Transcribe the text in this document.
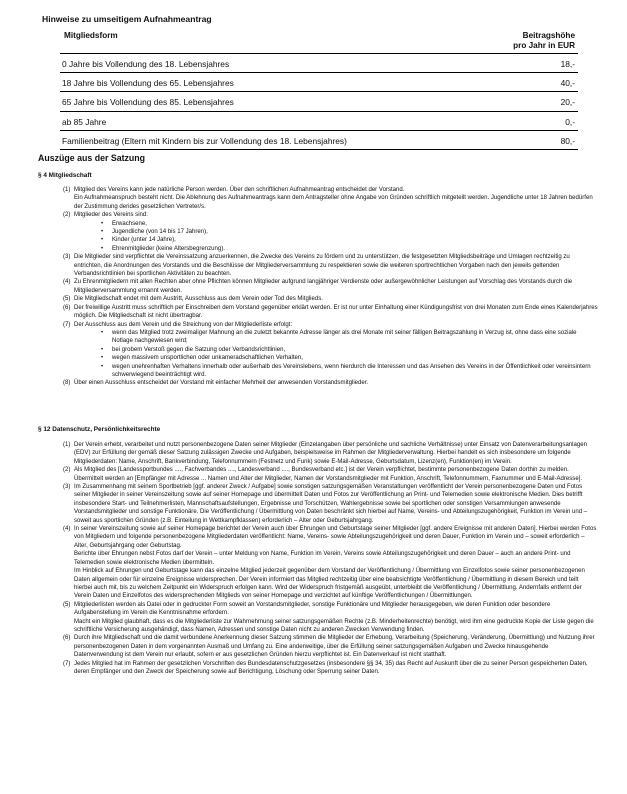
Hinweise zu umseitigem Aufnahmeantrag
Mitgliedsform	Beitragshöhe
pro Jahr in EUR
0 Jahre bis Vollendung des 18. Lebensjahres	18,-
18 Jahre bis Vollendung des 65. Lebensjahres	40,-
65 Jahre bis Vollendung des 85. Lebensjahres	20,-
ab 85 Jahre	0,-
Familienbeitrag (Eltern mit Kindern bis zur Vollendung des 18. Lebensjahres)	80,-
Auszüge aus der Satzung
§ 4 Mitgliedschaft
(1) Mitglied des Vereins kann jede natürliche Person werden. Über den schriftlichen Aufnahmeantrag entscheidet der Vorstand.
Ein Aufnahmeanspruch besteht nicht. Die Ablehnung des Aufnahmeantrags kann dem Antragsteller ohne Angabe von Gründen schriftlich mitgeteilt werden. Jugendliche unter 18 Jahren bedürfen der Zustimmung derides gesetzlichen Vertreter/s.
(2) Mitglieder des Vereins sind:
• Erwachsene,
• Jugendliche (von 14 bis 17 Jahren),
• Kinder (unter 14 Jahre),
• Ehrenmitglieder (keine Altersbegrenzung).
(3) Die Mitglieder sind verpflichtet die Vereinssatzung anzuerkennen, die Zwecke des Vereins zu fördern und zu unterstützen, die festgesetzten Mitgliedsbeiträge und Umlagen rechtzeitig zu entrichten, die Anordnungen des Vorstands und die Beschlüsse der Mitgliederversammlung zu respektieren sowie die weiteren sportrechtlichen Vorgaben nach den jeweils geltenden Verbandsrichtlinien bei sportlichen Aktivitäten zu beachten.
(4) Zu Ehrenmitgliedern mit allen Rechten aber ohne Pflichten können Mitglieder aufgrund langjähriger Verdienste oder außergewöhnlicher Leistungen auf Vorschlag des Vorstands durch die Mitgliederversammlung ernannt werden.
(5) Die Mitgliedschaft endet mit dem Austritt, Ausschluss aus dem Verein oder Tod des Mitglieds.
(6) Der freiwillige Austritt muss schriftlich per Einschreiben dem Vorstand gegenüber erklärt werden. Er ist nur unter Einhaltung einer Kündigungsfrist von drei Monaten zum Ende eines Kalenderjahres möglich. Die Mitgliedschaft ist nicht übertragbar.
(7) Der Ausschluss aus dem Verein und die Streichung von der Mitgliederliste erfolgt:
• wenn das Mitglied trotz zweimaliger Mahnung an die zuletzt bekannte Adresse länger als drei Monate mit seiner fälligen Beitragszahlung in Verzug ist, ohne dass eine soziale Notlage nachgewiesen wird;
• bei grobem Verstoß gegen die Satzung oder Verbandsrichtlinien,
• wegen massivem unsportlichen oder unkameradschaftlichen Verhalten,
• wegen unehrenhaften Verhaltens innerhalb oder außerhalb des Vereinslebens, wenn hierdurch die Interessen und das Ansehen des Vereins in der Öffentlichkeit oder vereinsintern schwerwiegend beeinträchtigt wird.
(8) Über einen Ausschluss entscheidet der Vorstand mit einfacher Mehrheit der anwesenden Vorstandsmitglieder.
§ 12 Datenschutz, Persönlichkeitsrechte
(1) Der Verein erhebt, verarbeitet und nutzt personenbezogene Daten seiner Mitglieder (Einzelangaben über persönliche und sachliche Verhältnisse) unter Einsatz von Datenverarbeitungsanlagen (EDV) zur Erfüllung der gemäß dieser Satzung zulässigen Zwecke und Aufgaben, beispielsweise im Rahmen der Mitgliederverwaltung. Hierbei handelt es sich insbesondere um folgende Mitgliederdaten: Name, Anschrift, Bankverbindung, Telefonnummern (Festnetz und Funk) sowie E-Mail-Adresse, Geburtsdatum, Lizenz(en), Funktion(en) im Verein.
(2) Als Mitglied des [Landessportbundes ...., Fachverbandes ...., Landesverband ...., Bundesverband etc.] ist der Verein verpflichtet, bestimmte personenbezogene Daten dorthin zu melden. Übermittelt werden an [Empfänger mit Adresse ... Namen und Alter der Mitglieder, Namen der Vorstandsmitglieder mit Funktion, Anschrift, Telefonnummern, Faxnummer und E-Mail-Adresse].
(3) Im Zusammenhang mit seinem Sportbetrieb [ggf. anderer Zweck / Aufgabe] sowie sonstigen satzungsgemäßen Veranstaltungen veröffentlicht der Verein personenbezogene Daten und Fotos seiner Mitglieder in seiner Vereinszeitung sowie auf seiner Homepage und übermittelt Daten und Fotos zur Veröffentlichung an Print- und Telemedien sowie elektronische Medien. Dies betrifft insbesondere Start- und Teilnehmerlisten, Mannschaftsaufstellungen, Ergebnisse und Torschützen, Wahlergebnisse sowie bei sportlichen oder sonstigen Versammlungen anwesende Vorstandsmitglieder und sonstige Funktionäre. Die Veröffentlichung / Übermittlung von Daten beschränkt sich hierbei auf Name, Vereins- und Abteilungszugehörigkeit, Funktion im Verein und – soweit aus sportlichen Gründen (z.B. Einteilung in Wettkampfklassen) erforderlich – Alter oder Geburtsjahrgang.
(4) In seiner Vereinszeitung sowie auf seiner Homepage berichtet der Verein auch über Ehrungen und Geburtstage seiner Mitglieder [ggf. andere Ereignisse mit anderen Daten]. Hierbei werden Fotos von Mitgliedern und folgende personenbezogene Mitgliederdaten veröffentlicht: Name, Vereins- sowie Abteilungszugehörigkeit und deren Dauer, Funktion im Verein und – soweit erforderlich – Alter, Geburtsjahrgang oder Geburtstag.
Berichte über Ehrungen nebst Fotos darf der Verein – unter Meldung von Name, Funktion im Verein, Vereins sowie Abteilungszugehörigkeit und deren Dauer – auch an andere Print- und Telemedien sowie elektronische Medien übermitteln.
Im Hinblick auf Ehrungen und Geburtstage kann das einzelne Mitglied jederzeit gegenüber dem Vorstand der Veröffentlichung / Übermittlung von Einzelfotos sowie seiner personenbezogenen Daten allgemein oder für einzelne Ereignisse widersprechen. Der Verein informiert das Mitglied rechtzeitig über eine beabsichtigte Veröffentlichung / Übermittlung in diesem Bereich und teilt hierbei auch mit, bis zu welchem Zeitpunkt ein Widerspruch erfolgen kann. Wird der Widerspruch fristgemäß ausgeübt, unterbleibt die Veröffentlichung / Übermittlung. Andernfalls entfernt der Verein Daten und Einzelfotos des widersprechenden Mitglieds von seiner Homepage und verzichtet auf künftige Veröffentlichungen / Übermittlungen.
(5) Mitgliederlisten werden als Datei oder in gedruckter Form soweit an Vorstandsmitglieder, sonstige Funktionäre und Mitglieder herausgegeben, wie deren Funktion oder besondere Aufgabenstellung im Verein die Kenntnisnahme erfordern.
Macht ein Mitglied glaubhaft, dass es die Mitgliederliste zur Wahrnehmung seiner satzungsgemäßen Rechte (z.B. Minderheitenrechte) benötigt, wird ihm eine gedruckte Kopie der Liste gegen die schriftliche Versicherung ausgehändigt, dass Namen, Adressen und sonstige Daten nicht zu anderen Zwecken Verwendung finden.
(6) Durch ihre Mitgliedschaft und die damit verbundene Anerkennung dieser Satzung stimmen die Mitglieder der Erhebung, Verarbeitung (Speicherung, Veränderung, Übermittlung) und Nutzung ihrer personenbezogenen Daten in dem vorgenannten Ausmaß und Umfang zu. Eine anderweitige, über die Erfüllung seiner satzungsgemäßen Aufgaben und Zwecke hinausgehende Datenverwendung ist dem Verein nur erlaubt, sofern er aus gesetzlichen Gründen hierzu verpflichtet ist. Ein Datenverkauf ist nicht statthaft.
(7) Jedes Mitglied hat im Rahmen der gesetzlichen Vorschriften des Bundesdatenschutzgesetzes (insbesondere §§ 34, 35) das Recht auf Auskunft über die zu seiner Person gespeicherten Daten, deren Empfänger und den Zweck der Speicherung sowie auf Berichtigung, Löschung oder Sperrung seiner Daten.
